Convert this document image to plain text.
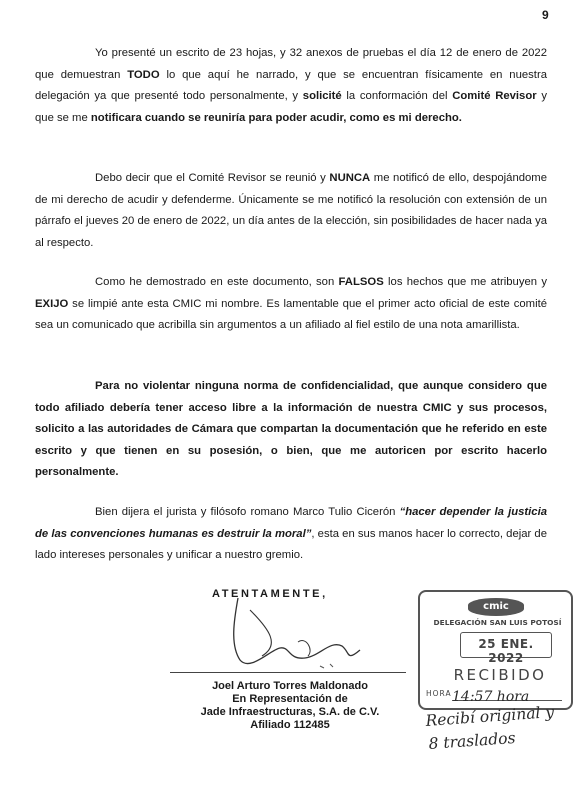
9

Yo presenté un escrito de 23 hojas, y 32 anexos de pruebas el día 12 de enero de 2022 que demuestran TODO lo que aquí he narrado, y que se encuentran físicamente en nuestra delegación ya que presenté todo personalmente, y solicité la conformación del Comité Revisor y que se me notificara cuando se reuniría para poder acudir, como es mi derecho.

Debo decir que el Comité Revisor se reunió y NUNCA me notificó de ello, despojándome de mi derecho de acudir y defenderme. Únicamente se me notificó la resolución con extensión de un párrafo el jueves 20 de enero de 2022, un día antes de la elección, sin posibilidades de hacer nada ya al respecto.

Como he demostrado en este documento, son FALSOS los hechos que me atribuyen y EXIJO se limpié ante esta CMIC mi nombre. Es lamentable que el primer acto oficial de este comité sea un comunicado que acribilla sin argumentos a un afiliado al fiel estilo de una nota amarillista.

Para no violentar ninguna norma de confidencialidad, que aunque considero que todo afiliado debería tener acceso libre a la información de nuestra CMIC y sus procesos, solicito a las autoridades de Cámara que compartan la documentación que he referido en este escrito y que tienen en su posesión, o bien, que me autoricen por escrito hacerlo personalmente.

Bien dijera el jurista y filósofo romano Marco Tulio Cicerón “hacer depender la justicia de las convenciones humanas es destruir la moral”, esta en sus manos hacer lo correcto, dejar de lado intereses personales y unificar a nuestro gremio.

ATENTAMENTE,
Joel Arturo Torres Maldonado
En Representación de
Jade Infraestructuras, S.A. de C.V.
Afiliado 112485
cmic
DELEGACIÓN SAN LUIS POTOSÍ
25 ENE. 2022
RECIBIDO
HORA 14:57 hora
Recibí original y
8 traslados
